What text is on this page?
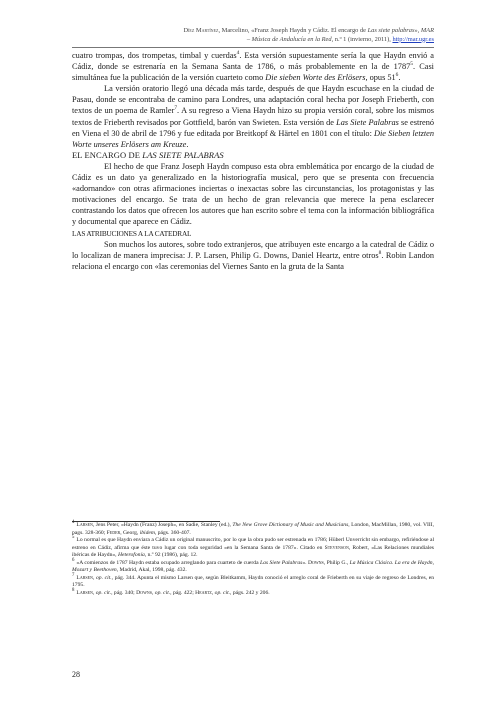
Díez Martínez, Marcelino, «Franz Joseph Haydn y Cádiz. El encargo de Las siete palabras», MAR
– Música de Andalucía en la Red, n.º 1 (invierno, 2011), http://mar.ugr.es

cuatro trompas, dos trompetas, timbal y cuerdas$^4$. Esta versión supuestamente sería la que Haydn envió a Cádiz, donde se estrenaría en la Semana Santa de 1786, o más probablemente en la de 1787$^5$. Casi simultánea fue la publicación de la versión cuarteto como Die sieben Worte des Erlösers, opus $51^6$.

La versión oratorio llegó una década más tarde, después de que Haydn escuchase en la ciudad de Pasau, donde se encontraba de camino para Londres, una adaptación coral hecha por Joseph Frieberth, con textos de un poema de Ramler$^7$. A su regreso a Viena Haydn hizo su propia versión coral, sobre los mismos textos de Frieberth revisados por Gottfield, barón van Swieten. Esta versión de Las Siete Palabras se estrenó en Viena el 30 de abril de 1796 y fue editada por Breitkopf & Härtel en 1801 con el título: Die Sieben letzten Worte unseres Erlösers am Kreuze.

EL ENCARGO DE LAS SIETE PALABRAS

El hecho de que Franz Joseph Haydn compuso esta obra emblemática por encargo de la ciudad de Cádiz es un dato ya generalizado en la historiografía musical, pero que se presenta con frecuencia «adornando» con otras afirmaciones inciertas o inexactas sobre las circunstancias, los protagonistas y las motivaciones del encargo. Se trata de un hecho de gran relevancia que merece la pena esclarecer contrastando los datos que ofrecen los autores que han escrito sobre el tema con la información bibliográfica y documental que aparece en Cádiz.

LAS ATRIBUCIONES A LA CATEDRAL

Son muchos los autores, sobre todo extranjeros, que atribuyen este encargo a la catedral de Cádiz o lo localizan de manera imprecisa: J. P. Larsen, Philip G. Downs, Daniel Heartz, entre otros$^8$. Robin Landon relaciona el encargo con «las ceremonias del Viernes Santo en la gruta de la Santa

4 Larsen, Jens Peter, «Haydn (Franz) Joseph», en Sadie, Stanley (ed.), The New Grove Dictionary of Music and Musicians, London, MacMillan, 1980, vol. VIII, pags. 328-360; Feder, Georg, ibidem, págs. 360-407.

5 Lo normal es que Haydn enviara a Cádiz un original manuscrito, por lo que la obra pudo ser estrenada en 1786; Hüberl Unverricht sin embargo, refiriéndose al estreno en Cádiz, afirma que éste tuvo lugar con toda seguridad «en la Semana Santa de 1787». Citado en Stevenson, Robert, «Las Relaciones mundiales ibéricas de Haydn», Heterofonía, n.º 92 (1986), pág. 12.

6 «A comienzos de 1787 Haydn estaba ocupado arreglando para cuarteto de cuerda Las Siete Palabras». Downs, Philip G., La Música Clásica. La era de Haydn, Mozart y Beethoven, Madrid, Akal, 1998, pág. 432.

7 Larsen, op. cit., pág. 344. Apunta el mismo Larsen que, según Bleitkamm, Haydn conoció el arreglo coral de Frieberth en su viaje de regreso de Londres, en 1795.

8 Larsen, op. cit., pág. 340; Downs, op. cit., pág. 422; Heartz, op. cit., págs. 242 y 206.

28
